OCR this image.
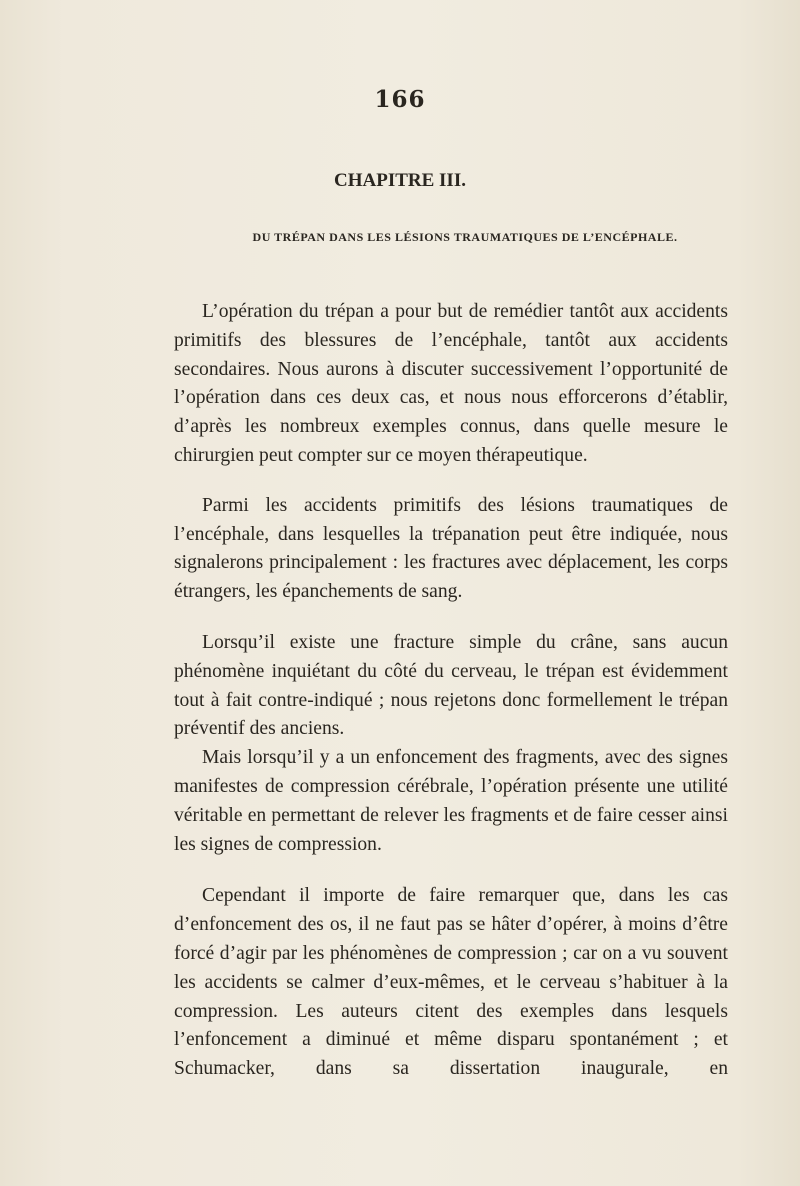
166
CHAPITRE III.
DU TRÉPAN DANS LES LÉSIONS TRAUMATIQUES DE L’ENCÉPHALE.

L’opération du trépan a pour but de remédier tantôt aux accidents primitifs des blessures de l’encéphale, tantôt aux accidents secondaires. Nous aurons à discuter successivement l’opportunité de l’opération dans ces deux cas, et nous nous efforcerons d’établir, d’après les nombreux exemples connus, dans quelle mesure le chirurgien peut compter sur ce moyen thérapeutique.

Parmi les accidents primitifs des lésions traumatiques de l’encéphale, dans lesquelles la trépanation peut être indiquée, nous signalerons principalement : les fractures avec déplacement, les corps étrangers, les épanchements de sang.

Lorsqu’il existe une fracture simple du crâne, sans aucun phénomène inquiétant du côté du cerveau, le trépan est évidemment tout à fait contre-indiqué ; nous rejetons donc formellement le trépan préventif des anciens.

Mais lorsqu’il y a un enfoncement des fragments, avec des signes manifestes de compression cérébrale, l’opération présente une utilité véritable en permettant de relever les fragments et de faire cesser ainsi les signes de compression.

Cependant il importe de faire remarquer que, dans les cas d’enfoncement des os, il ne faut pas se hâter d’opérer, à moins d’être forcé d’agir par les phénomènes de compression ; car on a vu souvent les accidents se calmer d’eux-mêmes, et le cerveau s’habituer à la compression. Les auteurs citent des exemples dans lesquels l’enfoncement a diminué et même disparu spontanément ; et Schumacker, dans sa dissertation inaugurale, en
